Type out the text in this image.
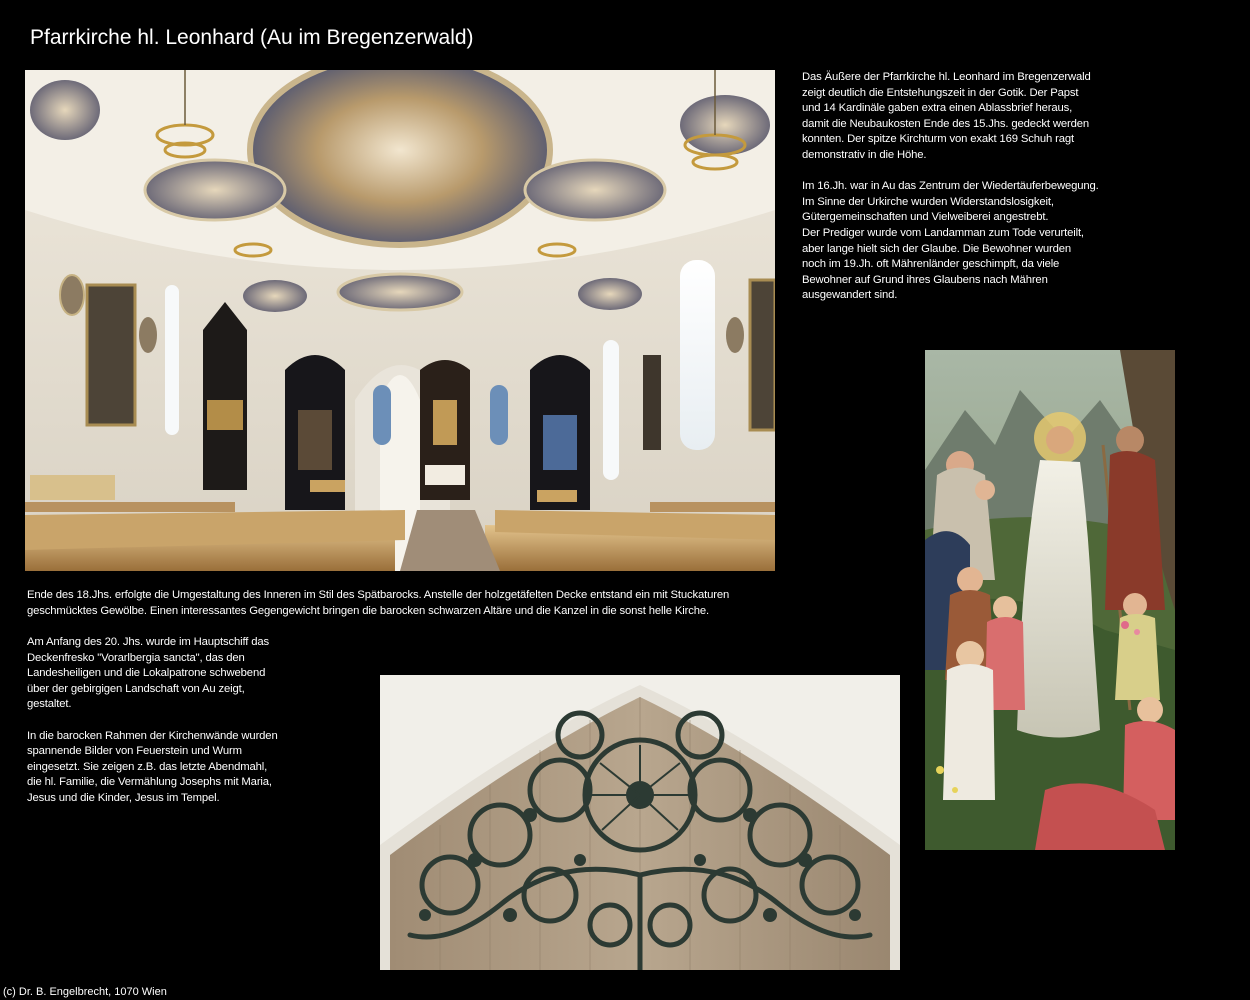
Pfarrkirche hl. Leonhard (Au im Bregenzerwald)

Das Äußere der Pfarrkirche hl. Leonhard im Bregenzerwald
zeigt deutlich die Entstehungszeit in der Gotik. Der Papst
und 14 Kardinäle gaben extra einen Ablassbrief heraus,
damit die Neubaukosten Ende des 15.Jhs. gedeckt werden
konnten. Der spitze Kirchturm von exakt 169 Schuh ragt
demonstrativ in die Höhe.

Im 16.Jh. war in Au das Zentrum der Wiedertäuferbewegung.
Im Sinne der Urkirche wurden Widerstandslosigkeit,
Gütergemeinschaften und Vielweiberei angestrebt.
Der Prediger wurde vom Landamman zum Tode verurteilt,
aber lange hielt sich der Glaube. Die Bewohner wurden
noch im 19.Jh. oft Mährenländer geschimpft, da viele
Bewohner auf Grund ihres Glaubens nach Mähren
ausgewandert sind.

Ende des 18.Jhs. erfolgte die Umgestaltung des Inneren im Stil des Spätbarocks. Anstelle der holzgetäfelten Decke entstand ein mit Stuckaturen
geschmücktes Gewölbe. Einen interessantes Gegengewicht bringen die barocken schwarzen Altäre und die Kanzel in die sonst helle Kirche.

Am Anfang des 20. Jhs. wurde im Hauptschiff das
Deckenfresko "Vorarlbergia sancta", das den
Landesheiligen und die Lokalpatrone schwebend
über der gebirgigen Landschaft von Au zeigt,
gestaltet.

In die barocken Rahmen der Kirchenwände wurden
spannende Bilder von Feuerstein und Wurm
eingesetzt. Sie zeigen z.B. das letzte Abendmahl,
die hl. Familie, die Vermählung Josephs mit Maria,
Jesus und die Kinder, Jesus im Tempel.

(c) Dr. B. Engelbrecht, 1070 Wien
